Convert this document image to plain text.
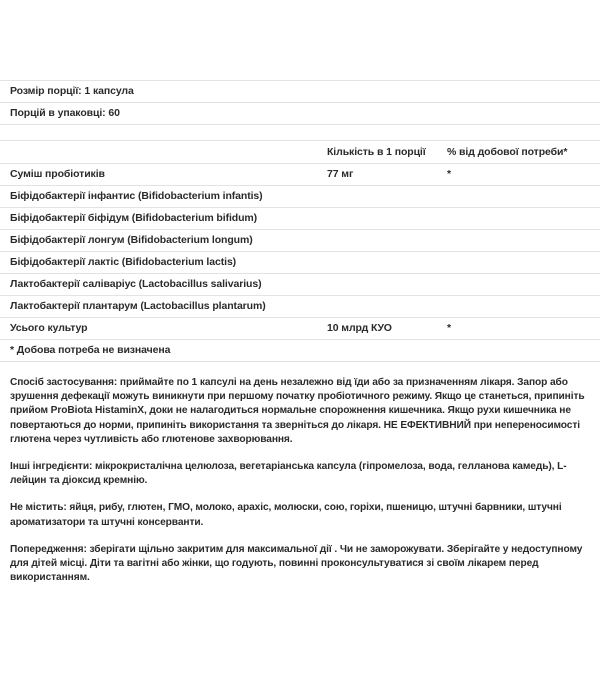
Розмір порції: 1 капсула		

Порцій в упаковці: 60		

	Кількість в 1 порції	% від добової потреби*

Суміш пробіотиків	77 мг	*

Біфідобактерії інфантис (Bifidobacterium infantis)		

Біфідобактерії біфідум (Bifidobacterium bifidum)		

Біфідобактерії лонгум (Bifidobacterium longum)		

Біфідобактерії лактіс (Bifidobacterium lactis)		

Лактобактерії саліваріус (Lactobacillus salivarius)		

Лактобактерії плантарум (Lactobacillus plantarum)		

Усього культур	10 млрд КУО	*

* Добова потреба не визначена		

Спосіб застосування: приймайте по 1 капсулі на день незалежно від їди або за призначенням лікаря. Запор або зрушення дефекації можуть виникнути при першому початку пробіотичного режиму. Якщо це станеться, припиніть прийом ProBiota HistaminX, доки не налагодиться нормальне спорожнення кишечника. Якщо рухи кишечника не повертаються до норми, припиніть використання та зверніться до лікаря. НЕ ЕФЕКТИВНИЙ при непереносимості глютена через чутливість або глютенове захворювання.

Інші інгредієнти: мікрокристалічна целюлоза, вегетаріанська капсула (гіпромелоза, вода, гелланова камедь), L-лейцин та діоксид кремнію.

Не містить: яйця, рибу, глютен, ГМО, молоко, арахіс, молюски, сою, горіхи, пшеницю, штучні барвники, штучні ароматизатори та штучні консерванти.

Попередження: зберігати щільно закритим для максимальної дії . Чи не заморожувати. Зберігайте у недоступному для дітей місці. Діти та вагітні або жінки, що годують, повинні проконсультуватися зі своїм лікарем перед використанням.
